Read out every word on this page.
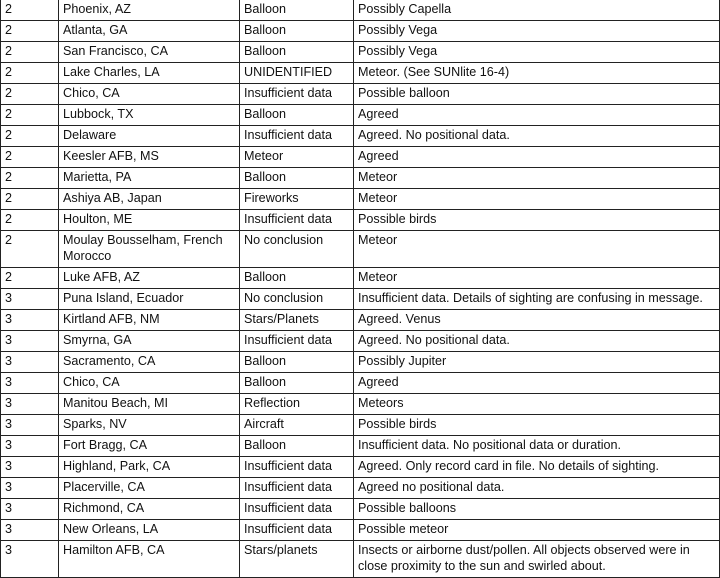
2	Phoenix, AZ	Balloon	Possibly Capella
2	Atlanta, GA	Balloon	Possibly Vega
2	San Francisco, CA	Balloon	Possibly Vega
2	Lake Charles, LA	UNIDENTIFIED	Meteor. (See SUNlite 16-4)
2	Chico, CA	Insufficient data	Possible balloon
2	Lubbock, TX	Balloon	Agreed
2	Delaware	Insufficient data	Agreed. No positional data.
2	Keesler AFB, MS	Meteor	Agreed
2	Marietta, PA	Balloon	Meteor
2	Ashiya AB, Japan	Fireworks	Meteor
2	Houlton, ME	Insufficient data	Possible birds
2	Moulay Bousselham, French Morocco	No conclusion	Meteor
2	Luke AFB, AZ	Balloon	Meteor
3	Puna Island, Ecuador	No conclusion	Insufficient data. Details of sighting are confusing in message.
3	Kirtland AFB, NM	Stars/Planets	Agreed. Venus
3	Smyrna, GA	Insufficient data	Agreed. No positional data.
3	Sacramento, CA	Balloon	Possibly Jupiter
3	Chico, CA	Balloon	Agreed
3	Manitou Beach, MI	Reflection	Meteors
3	Sparks, NV	Aircraft	Possible birds
3	Fort Bragg, CA	Balloon	Insufficient data. No positional data or duration.
3	Highland, Park, CA	Insufficient data	Agreed. Only record card in file. No details of sighting.
3	Placerville, CA	Insufficient data	Agreed no positional data.
3	Richmond, CA	Insufficient data	Possible balloons
3	New Orleans, LA	Insufficient data	Possible meteor
3	Hamilton AFB, CA	Stars/planets	Insects or airborne dust/pollen. All objects observed were in close proximity to the sun and swirled about.
